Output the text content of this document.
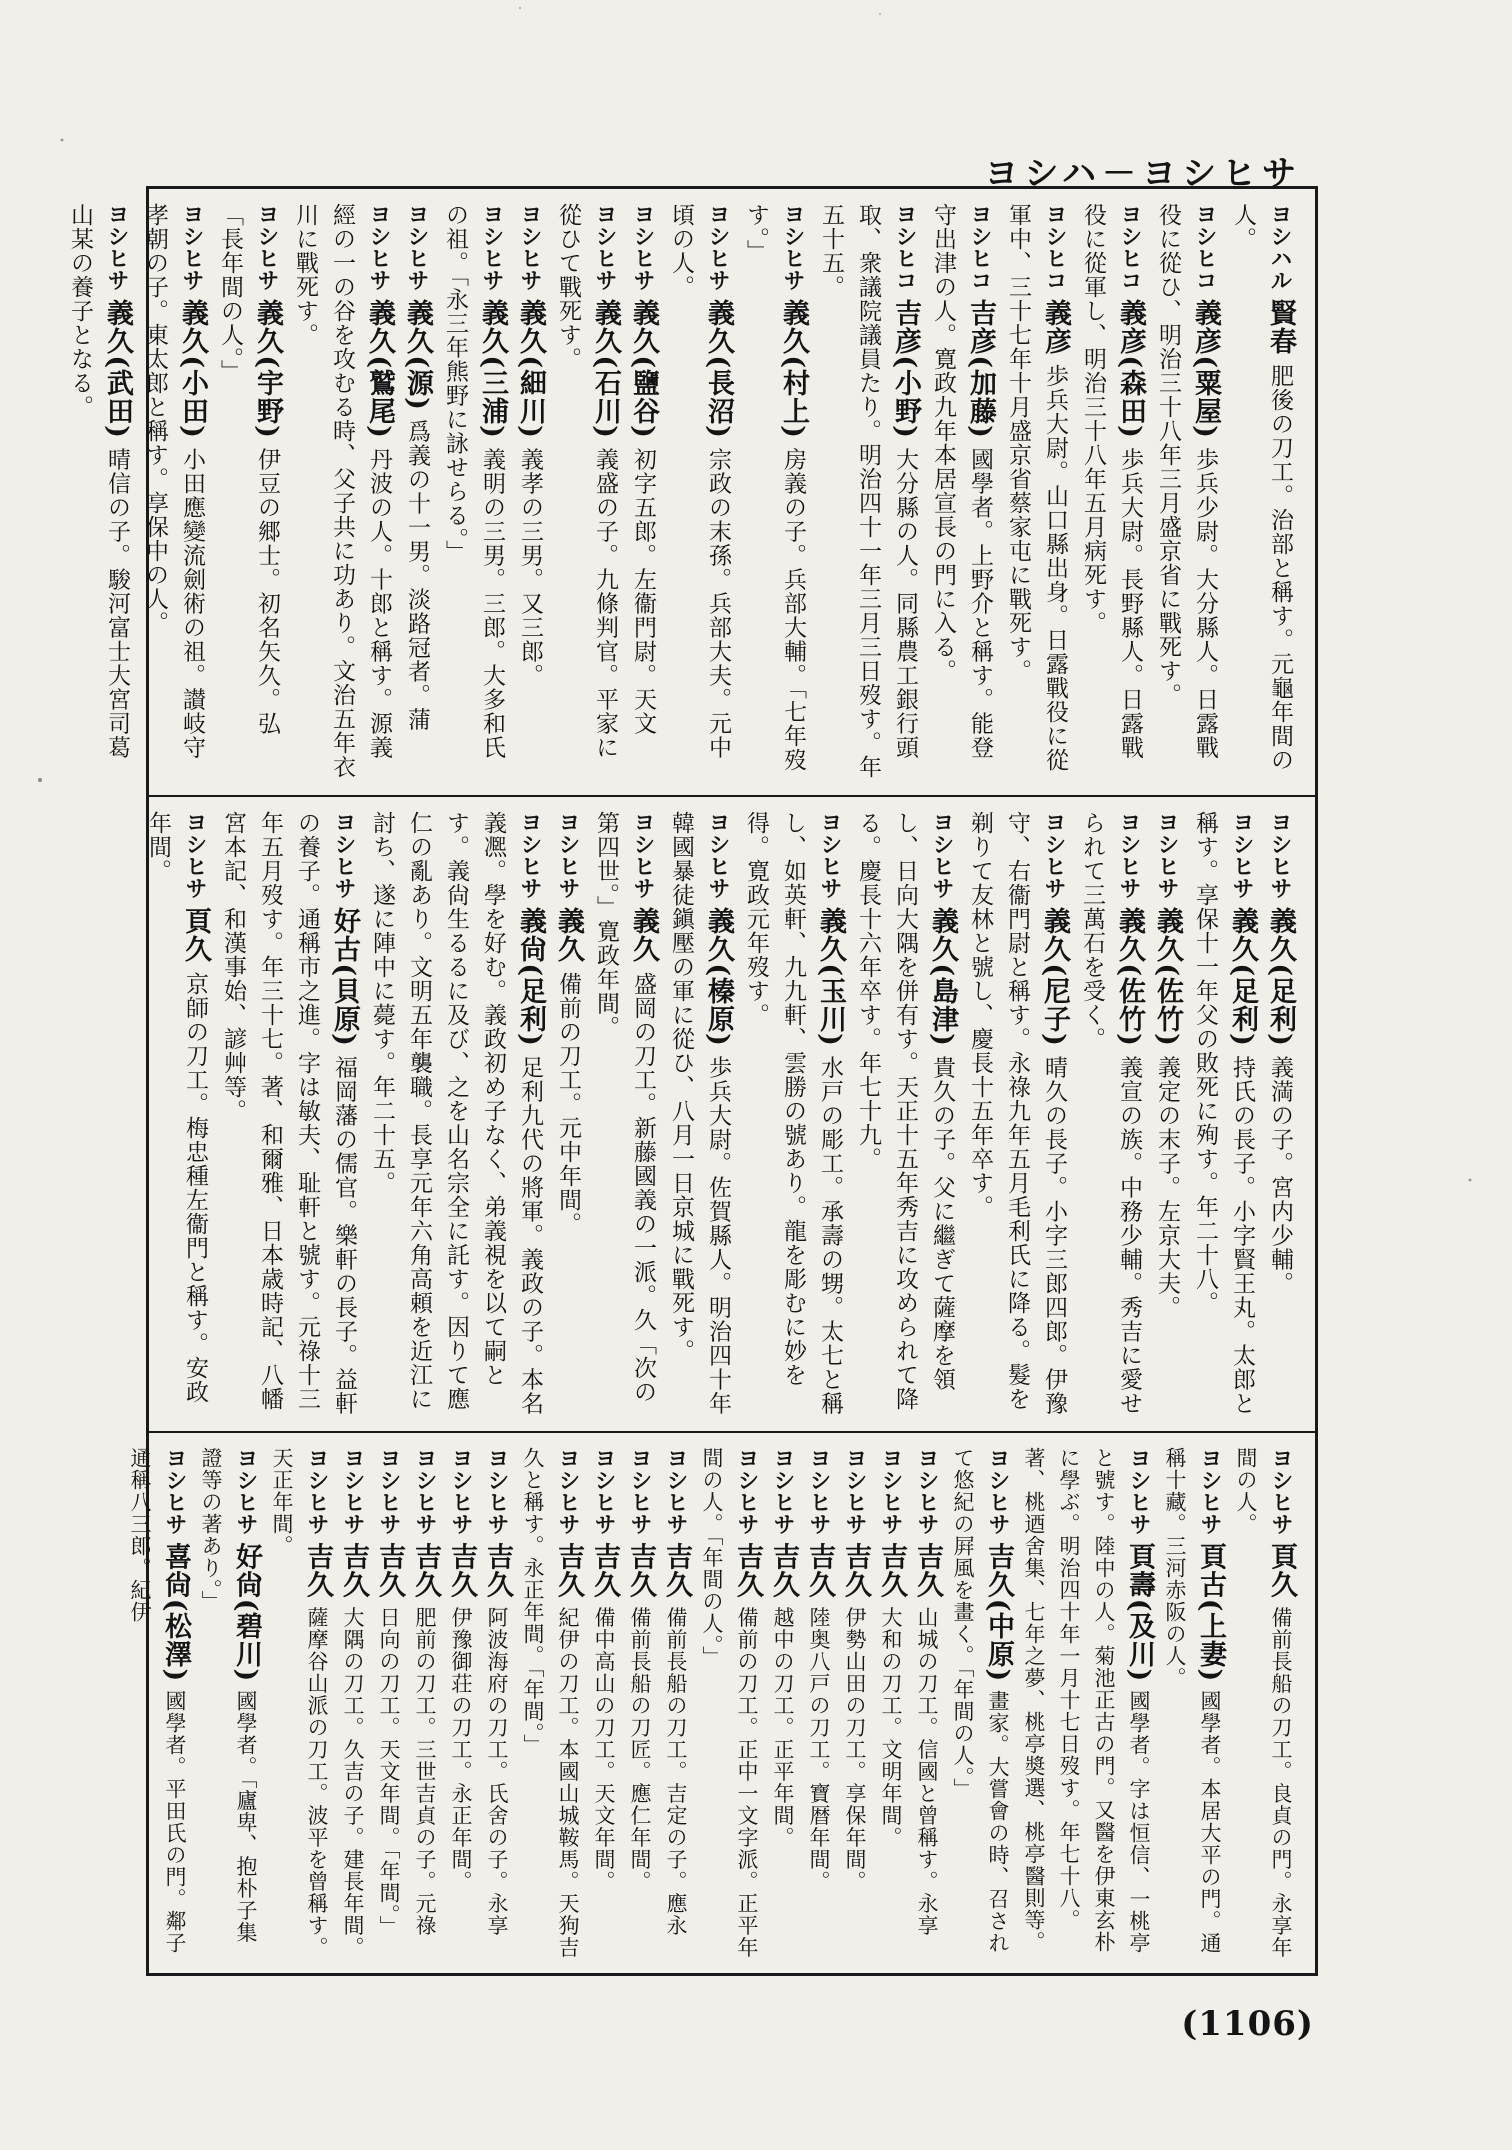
ヨシハ－ヨシヒサ
ヨシハル 賢春 肥後の刀工。治部と稱す。元龜年間の人。
ヨシヒコ 義彦(粟屋) 歩兵少尉。大分縣人。日露戰役に從ひ、明治三十八年三月盛京省に戰死す。
ヨシヒコ 義彦(森田) 歩兵大尉。長野縣人。日露戰役に從軍し、明治三十八年五月病死す。
ヨシヒコ 義彦 歩兵大尉。山口縣出身。日露戰役に從軍中、三十七年十月盛京省蔡家屯に戰死す。
ヨシヒコ 吉彦(加藤) 國學者。上野介と稱す。能登守出津の人。寛政九年本居宣長の門に入る。
ヨシヒコ 吉彦(小野) 大分縣の人。同縣農工銀行頭取、衆議院議員たり。明治四十一年三月三日歿す。年五十五。
ヨシヒサ 義久(村上) 房義の子。兵部大輔。「七年歿す。」
ヨシヒサ 義久(長沼) 宗政の末孫。兵部大夫。元中頃の人。
ヨシヒサ 義久(鹽谷) 初字五郎。左衞門尉。天文
ヨシヒサ 義久(石川) 義盛の子。九條判官。平家に從ひて戰死す。
ヨシヒサ 義久(細川) 義孝の三男。又三郎。
ヨシヒサ 義久(三浦) 義明の三男。三郎。大多和氏の祖。「永三年熊野に詠せらる。」
ヨシヒサ 義久(源) 爲義の十一男。淡路冠者。蒲
ヨシヒサ 義久(鷲尾) 丹波の人。十郎と稱す。源義經の一の谷を攻むる時、父子共に功あり。文治五年衣川に戰死す。
ヨシヒサ 義久(宇野) 伊豆の郷士。初名矢久。弘「長年間の人。」
ヨシヒサ 義久(小田) 小田應變流劍術の祖。讃岐守孝朝の子。東太郎と稱す。享保中の人。
ヨシヒサ 義久(武田) 晴信の子。駿河富士大宮司葛山某の養子となる。
ヨシヒサ 義久(足利) 義満の子。宮内少輔。
ヨシヒサ 義久(足利) 持氏の長子。小字賢王丸。太郎と稱す。享保十一年父の敗死に殉す。年二十八。
ヨシヒサ 義久(佐竹) 義定の末子。左京大夫。
ヨシヒサ 義久(佐竹) 義宣の族。中務少輔。秀吉に愛せられて三萬石を受く。
ヨシヒサ 義久(尼子) 晴久の長子。小字三郎四郎。伊豫守、右衞門尉と稱す。永祿九年五月毛利氏に降る。髮を剃りて友林と號し、慶長十五年卒す。
ヨシヒサ 義久(島津) 貴久の子。父に繼ぎて薩摩を領し、日向大隅を併有す。天正十五年秀吉に攻められて降る。慶長十六年卒す。年七十九。
ヨシヒサ 義久(玉川) 水戸の彫工。承壽の甥。太七と稱し、如英軒、九九軒、雲勝の號あり。龍を彫むに妙を得。寛政元年歿す。
ヨシヒサ 義久(榛原) 歩兵大尉。佐賀縣人。明治四十年韓國暴徒鎭壓の軍に從ひ、八月一日京城に戰死す。
ヨシヒサ 義久 盛岡の刀工。新藤國義の一派。久「次の第四世。」寛政年間。
ヨシヒサ 義久 備前の刀工。元中年間。
ヨシヒサ 義尙(足利) 足利九代の將軍。義政の子。本名義凞。學を好む。義政初め子なく、弟義視を以て嗣とす。義尙生るるに及び、之を山名宗全に託す。因りて應仁の亂あり。文明五年襲職。長享元年六角高頼を近江に討ち、遂に陣中に薨す。年二十五。
ヨシヒサ 好古(貝原) 福岡藩の儒官。樂軒の長子。益軒の養子。通稱市之進。字は敏夫、耻軒と號す。元祿十三年五月歿す。年三十七。著、和爾雅、日本歳時記、八幡宮本記、和漢事始、諺艸等。
ヨシヒサ 頁久 京師の刀工。梅忠種左衞門と稱す。安政年間。
ヨシヒサ 頁久 備前長船の刀工。良貞の門。永享年間の人。
ヨシヒサ 頁古(上妻) 國學者。本居大平の門。通稱十藏。三河赤阪の人。
ヨシヒサ 頁壽(及川) 國學者。字は恒信、一桃亭と號す。陸中の人。菊池正古の門。又醫を伊東玄朴に學ぶ。明治四十年一月十七日歿す。年七十八。著、桃迺舍集、七年之夢、桃亭奬選、桃亭醫則等。
ヨシヒサ 吉久(中原) 畫家。大嘗會の時、召されて悠紀の屛風を畫く。「年間の人。」
ヨシヒサ 吉久 山城の刀工。信國と曾稱す。永享
ヨシヒサ 吉久 大和の刀工。文明年間。
ヨシヒサ 吉久 伊勢山田の刀工。享保年間。
ヨシヒサ 吉久 陸奥八戸の刀工。寶暦年間。
ヨシヒサ 吉久 越中の刀工。正平年間。
ヨシヒサ 吉久 備前の刀工。正中一文字派。正平年間の人。「年間の人。」
ヨシヒサ 吉久 備前長船の刀工。吉定の子。應永
ヨシヒサ 吉久 備前長船の刀匠。應仁年間。
ヨシヒサ 吉久 備中高山の刀工。天文年間。
ヨシヒサ 吉久 紀伊の刀工。本國山城鞍馬。天狗吉久と稱す。永正年間。「年間。」
ヨシヒサ 吉久 阿波海府の刀工。氏舍の子。永享
ヨシヒサ 吉久 伊豫御荘の刀工。永正年間。
ヨシヒサ 吉久 肥前の刀工。三世吉貞の子。元祿
ヨシヒサ 吉久 日向の刀工。天文年間。「年間。」
ヨシヒサ 吉久 大隅の刀工。久吉の子。建長年間。
ヨシヒサ 吉久 薩摩谷山派の刀工。波平を曾稱す。天正年間。
ヨシヒサ 好尙(碧川) 國學者。「廬卑、抱朴子集證等の著あり。」
ヨシヒサ 喜尙(松澤) 國學者。平田氏の門。鄰子通稱八三郎。紀伊
(1106)
